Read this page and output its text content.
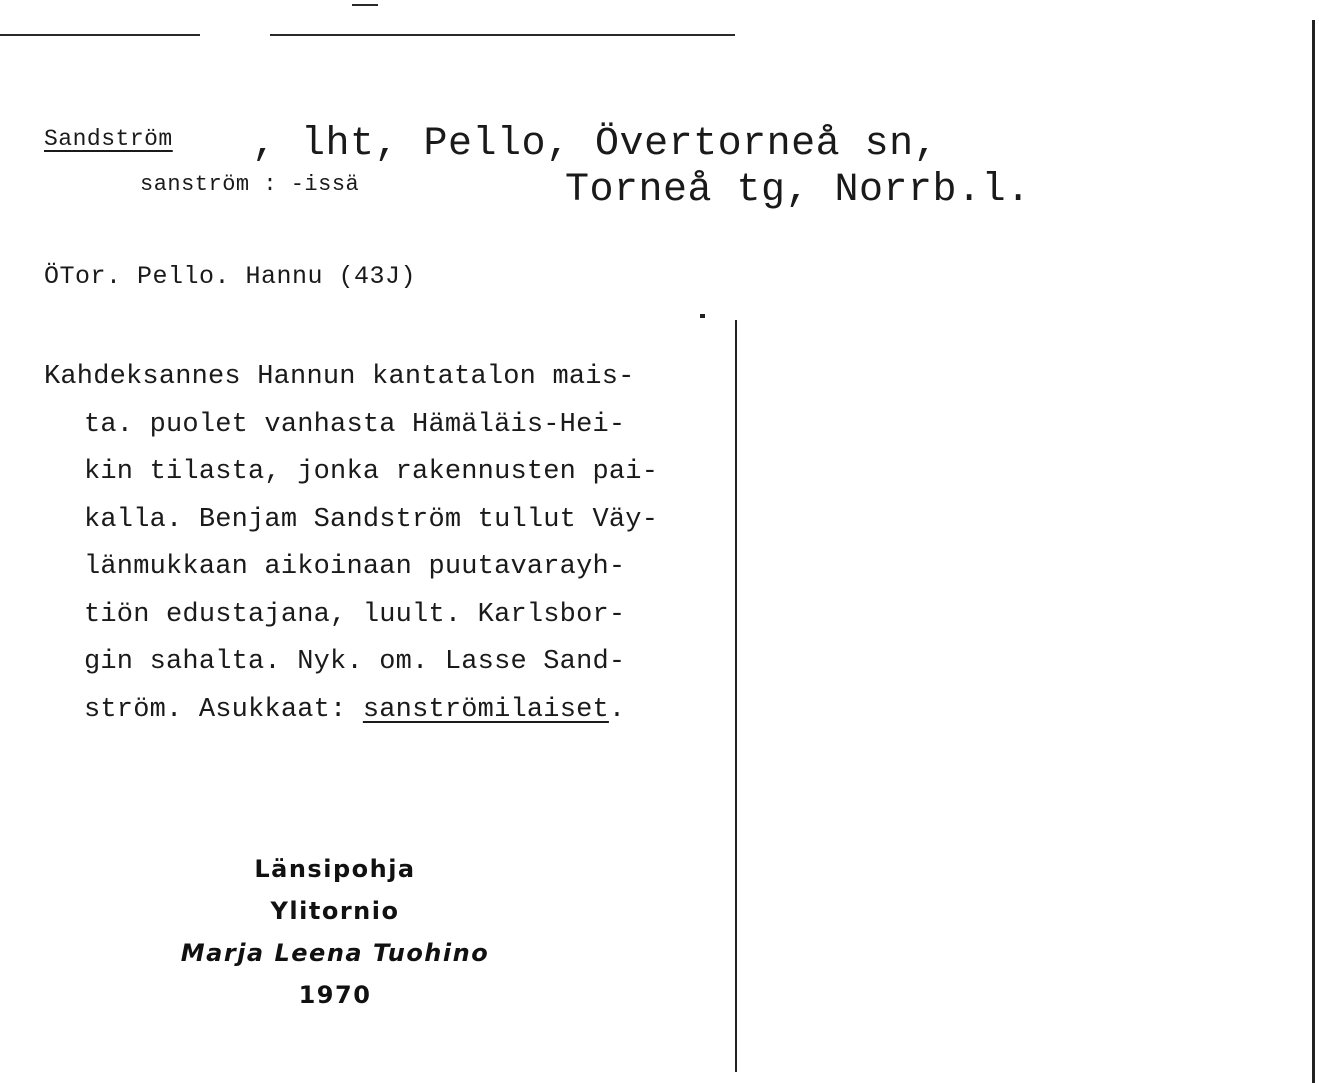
Sandström , lht, Pello, Övertorneå sn,
sanström : -issä	Torneå tg, Norrb.l.
ÖTor. Pello. Hannu (43J)
Kahdeksannes Hannun kantatalon mais-
ta. puolet vanhasta Hämäläis-Hei-
kin tilasta, jonka rakennusten pai-
kalla. Benjam Sandström tullut Väy-
länmukkaan aikoinaan puutavarayh-
tiön edustajana, luult. Karlsbor-
gin sahalta. Nyk. om. Lasse Sand-
ström. Asukkaat: sanströmilaiset.
Länsipohja
Ylitornio
Marja Leena Tuohino
1970
